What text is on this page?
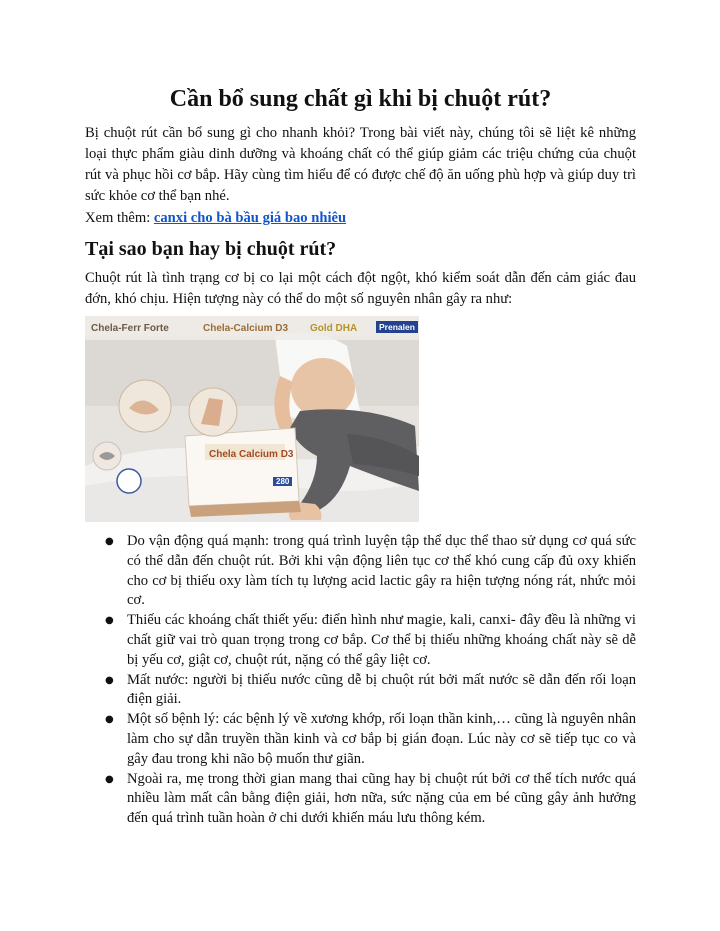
Cần bổ sung chất gì khi bị chuột rút?

Bị chuột rút cần bổ sung gì cho nhanh khỏi? Trong bài viết này, chúng tôi sẽ liệt kê những loại thực phẩm giàu dinh dưỡng và khoáng chất có thể giúp giảm các triệu chứng của chuột rút và phục hồi cơ bắp. Hãy cùng tìm hiểu để có được chế độ ăn uống phù hợp và giúp duy trì sức khỏe cơ thể bạn nhé.

Xem thêm: canxi cho bà bầu giá bao nhiêu

Tại sao bạn hay bị chuột rút?

Chuột rút là tình trạng cơ bị co lại một cách đột ngột, khó kiểm soát dẫn đến cảm giác đau đớn, khó chịu. Hiện tượng này có thể do một số nguyên nhân gây ra như:

Chela-Ferr Forte	Chela-Calcium D3 Gold DHA	Prenalen
Chela Calcium D3
280
● Do vận động quá mạnh: trong quá trình luyện tập thể dục thể thao sử dụng cơ quá sức có thể dẫn đến chuột rút. Bởi khi vận động liên tục cơ thể khó cung cấp đủ oxy khiến cho cơ bị thiếu oxy làm tích tụ lượng acid lactic gây ra hiện tượng nóng rát, nhức mỏi cơ.
● Thiếu các khoáng chất thiết yếu: điển hình như magie, kali, canxi- đây đều là những vi chất giữ vai trò quan trọng trong cơ bắp. Cơ thể bị thiếu những khoáng chất này sẽ dễ bị yếu cơ, giật cơ, chuột rút, nặng có thể gây liệt cơ.
● Mất nước: người bị thiếu nước cũng dễ bị chuột rút bởi mất nước sẽ dẫn đến rối loạn điện giải.
● Một số bệnh lý: các bệnh lý về xương khớp, rối loạn thần kinh,… cũng là nguyên nhân làm cho sự dẫn truyền thần kinh và cơ bắp bị gián đoạn. Lúc này cơ sẽ tiếp tục co và gây đau trong khi não bộ muốn thư giãn.
● Ngoài ra, mẹ trong thời gian mang thai cũng hay bị chuột rút bởi cơ thể tích nước quá nhiều làm mất cân bằng điện giải, hơn nữa, sức nặng của em bé cũng gây ảnh hưởng đến quá trình tuần hoàn ở chi dưới khiến máu lưu thông kém.
